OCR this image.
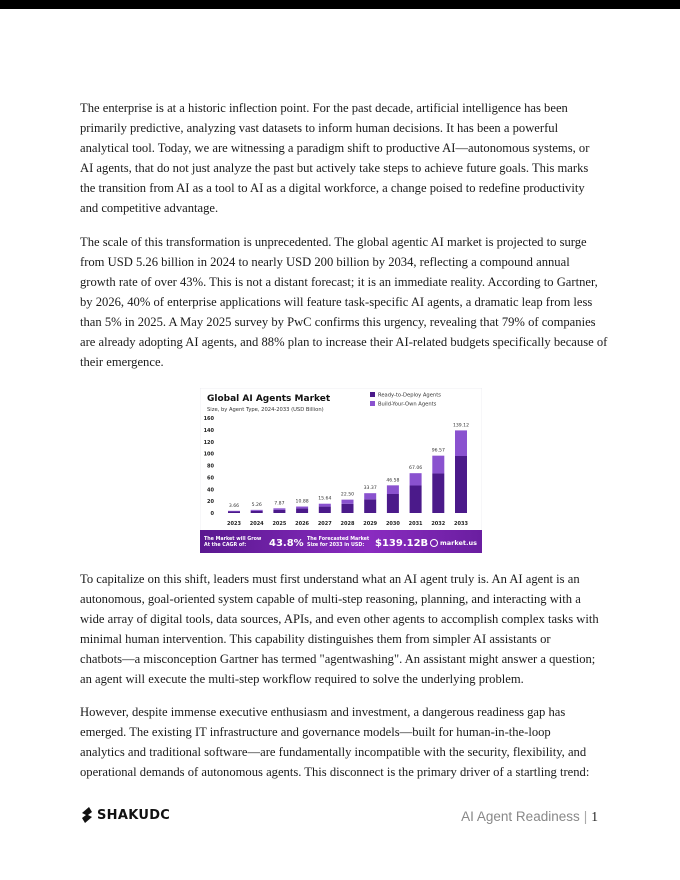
The enterprise is at a historic inflection point. For the past decade, artificial intelligence has been
primarily predictive, analyzing vast datasets to inform human decisions. It has been a powerful
analytical tool. Today, we are witnessing a paradigm shift to productive AI—autonomous systems, or
AI agents, that do not just analyze the past but actively take steps to achieve future goals. This marks
the transition from AI as a tool to AI as a digital workforce, a change poised to redefine productivity
and competitive advantage.
The scale of this transformation is unprecedented. The global agentic AI market is projected to surge
from USD 5.26 billion in 2024 to nearly USD 200 billion by 2034, reflecting a compound annual
growth rate of over 43%. This is not a distant forecast; it is an immediate reality. According to Gartner,
by 2026, 40% of enterprise applications will feature task-specific AI agents, a dramatic leap from less
than 5% in 2025. A May 2025 survey by PwC confirms this urgency, revealing that 79% of companies
are already adopting AI agents, and 88% plan to increase their AI-related budgets specifically because of
their emergence.
Global AI Agents Market
Size, by Agent Type, 2024-2033 (USD Billion)
Ready-to-Deploy Agents
Build-Your-Own Agents
0
20
40
60
80
100
120
140
160
3.66
2023
5.26
2024
7.87
2025
10.88
2026
15.64
2027
22.50
2028
33.37
2029
46.58
2030
67.06
2031
96.57
2032
139.12
2033
The Market will Grow
At the CAGR of: 43.8% The Forecasted Market
Size for 2033 in USD: $139.12B market.us
To capitalize on this shift, leaders must first understand what an AI agent truly is. An AI agent is an
autonomous, goal-oriented system capable of multi-step reasoning, planning, and interacting with a
wide array of digital tools, data sources, APIs, and even other agents to accomplish complex tasks with
minimal human intervention. This capability distinguishes them from simpler AI assistants or
chatbots—a misconception Gartner has termed "agentwashing". An assistant might answer a question;
an agent will execute the multi-step workflow required to solve the underlying problem.
However, despite immense executive enthusiasm and investment, a dangerous readiness gap has
emerged. The existing IT infrastructure and governance models—built for human-in-the-loop
analytics and traditional software—are fundamentally incompatible with the security, flexibility, and
operational demands of autonomous agents. This disconnect is the primary driver of a startling trend:
SHAKUDC	AI Agent Readiness | 1
